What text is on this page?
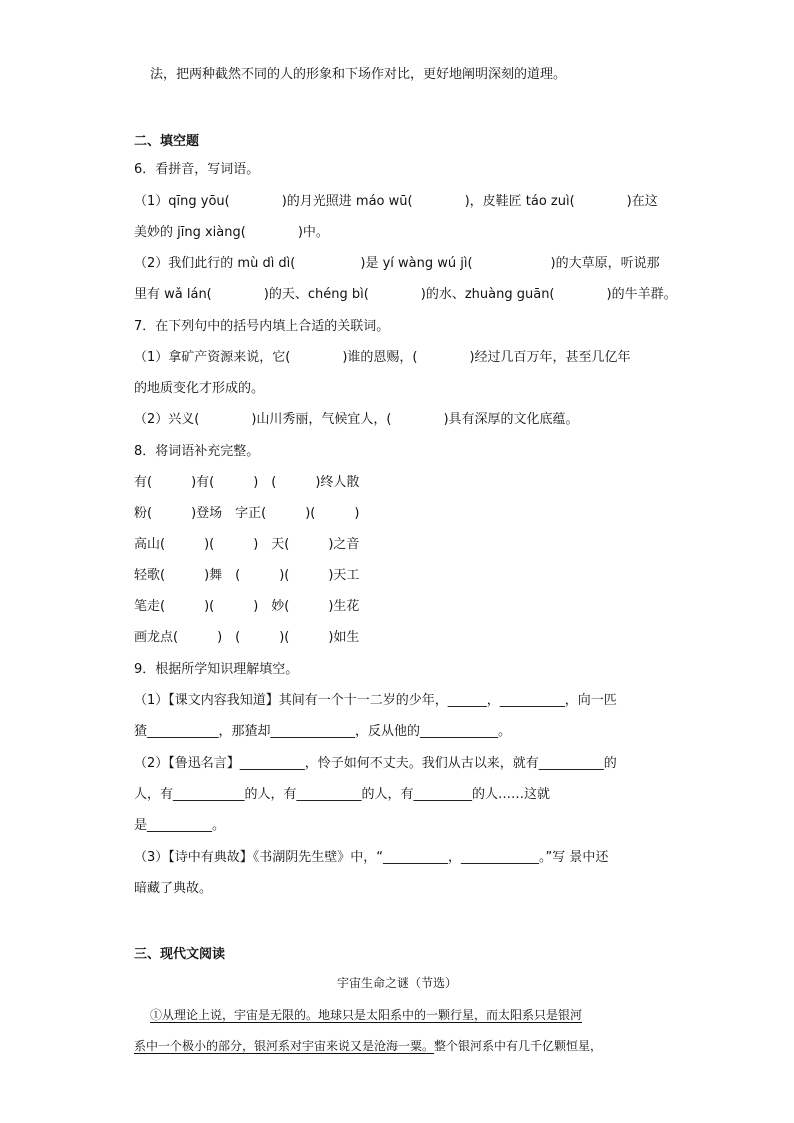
法，把两种截然不同的人的形象和下场作对比，更好地阐明深刻的道理。
二、填空题
6．看拼音，写词语。
（1）qīng yōu(　　　　)的月光照进 máo wū(　　　　)，皮鞋匠 táo zuì(　　　　)在这
美妙的 jīng xiàng(　　　　)中。
（2）我们此行的 mù dì dì(　　　　　)是 yí wàng wú jì(　　　　　　)的大草原，听说那
里有 wǎ lán(　　　　)的天、chéng bì(　　　　)的水、zhuàng guān(　　　　)的牛羊群。
7．在下列句中的括号内填上合适的关联词。
（1）拿矿产资源来说，它(　　　　)谁的恩赐，(　　　　)经过几百万年，甚至几亿年
的地质变化才形成的。
（2）兴义(　　　　)山川秀丽，气候宜人，(　　　　)具有深厚的文化底蕴。
8．将词语补充完整。
有(　　　)有(　　　)　(　　　)终人散
粉(　　　)登场　字正(　　　)(　　　)
高山(　　　)(　　　)　天(　　　)之音
轻歌(　　　)舞　(　　　)(　　　)天工
笔走(　　　)(　　　)　妙(　　　)生花
画龙点(　　　)　(　　　)(　　　)如生
9．根据所学知识理解填空。
（1）【课文内容我知道】其间有一个十一二岁的少年，______，__________，向一匹
猹___________，那猹却_____________，反从他的____________。
（2）【鲁迅名言】__________，怜子如何不丈夫。我们从古以来，就有__________的
人，有___________的人，有__________的人，有_________的人……这就
是__________。
（3）【诗中有典故】《书湖阴先生壁》中，“__________，____________。”写 景中还
暗藏了典故。
三、现代文阅读
宇宙生命之谜（节选）
①从理论上说，宇宙是无限的。地球只是太阳系中的一颗行星，而太阳系只是银河
系中一个极小的部分，银河系对宇宙来说又是沧海一粟。整个银河系中有几千亿颗恒星，
